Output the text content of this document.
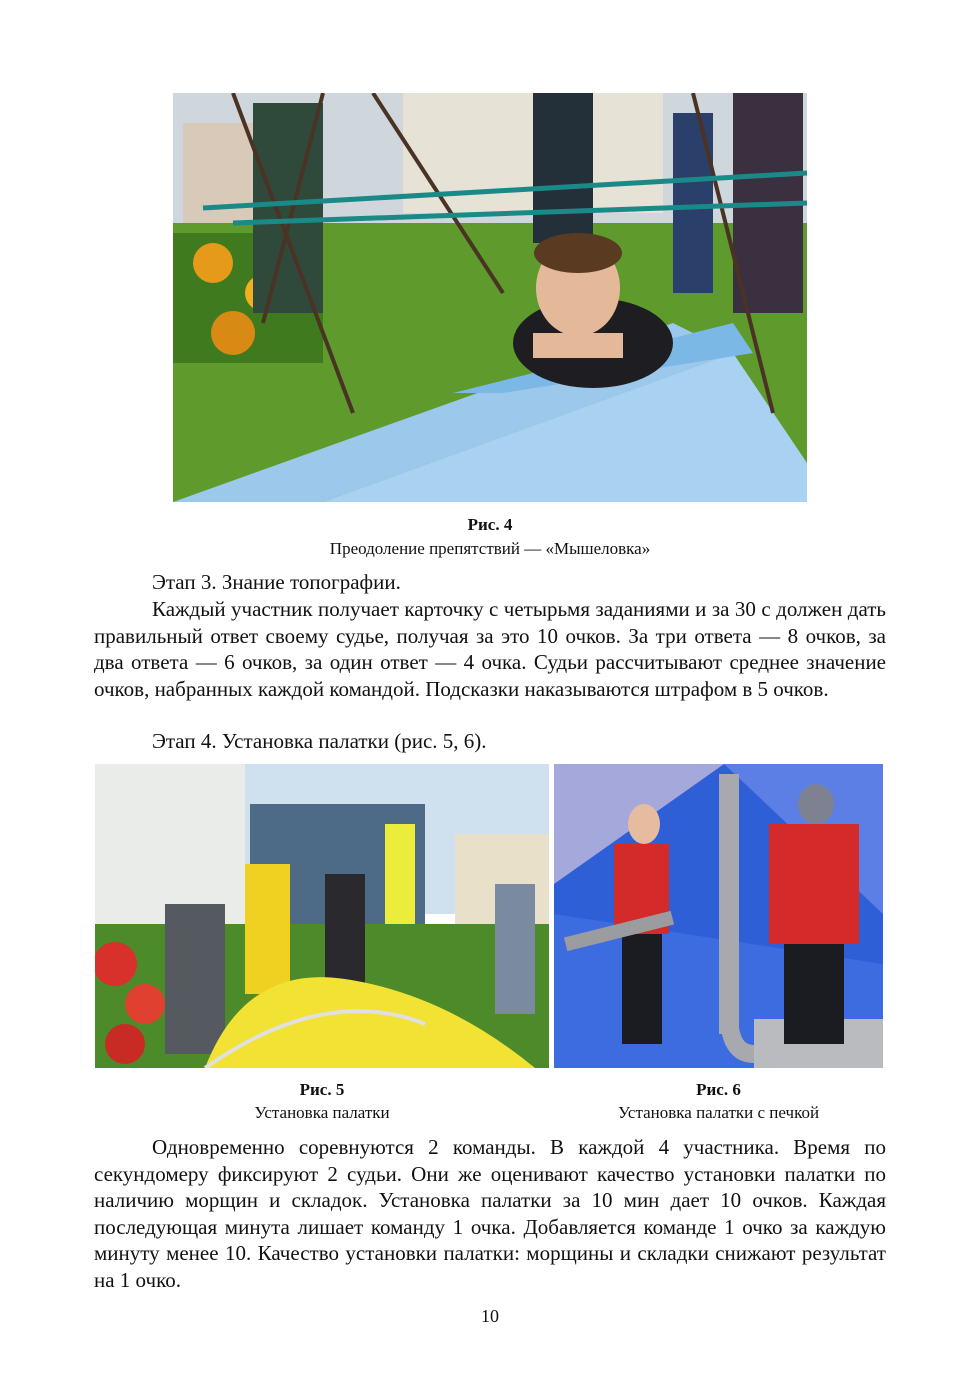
Рис. 4
Преодоление препятствий — «Мышеловка»

Этап 3. Знание топографии.

Каждый участник получает карточку с четырьмя заданиями и за 30 с должен дать правильный ответ своему судье, получая за это 10 очков. За три ответа — 8 очков, за два ответа — 6 очков, за один ответ — 4 очка. Судьи рассчитывают среднее значение очков, набранных каждой командой. Подсказки наказываются штрафом в 5 очков.

Этап 4. Установка палатки (рис. 5, 6).

Рис. 5
Установка палатки
Рис. 6
Установка палатки с печкой

Одновременно соревнуются 2 команды. В каждой 4 участника. Время по секундомеру фиксируют 2 судьи. Они же оценивают качество установки палатки по наличию морщин и складок. Установка палатки за 10 мин дает 10 очков. Каждая последующая минута лишает команду 1 очка. Добавляется команде 1 очко за каждую минуту менее 10. Качество установки палатки: морщины и складки снижают результат на 1 очко.

10
